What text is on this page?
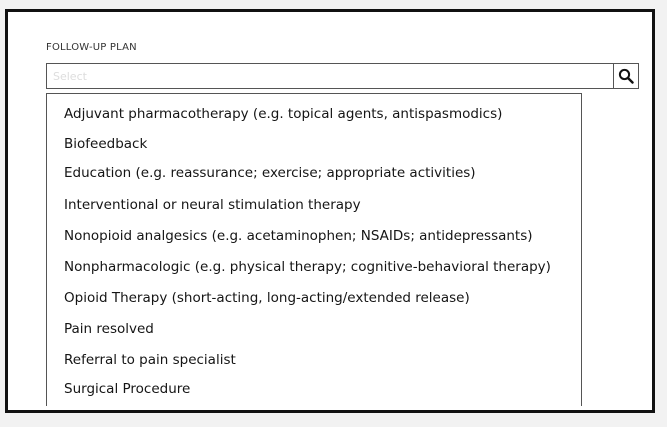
FOLLOW-UP PLAN
Select
Adjuvant pharmacotherapy (e.g. topical agents, antispasmodics)
Biofeedback
Education (e.g. reassurance; exercise; appropriate activities)
Interventional or neural stimulation therapy
Nonopioid analgesics (e.g. acetaminophen; NSAIDs; antidepressants)
Nonpharmacologic (e.g. physical therapy; cognitive-behavioral therapy)
Opioid Therapy (short-acting, long-acting/extended release)
Pain resolved
Referral to pain specialist
Surgical Procedure
